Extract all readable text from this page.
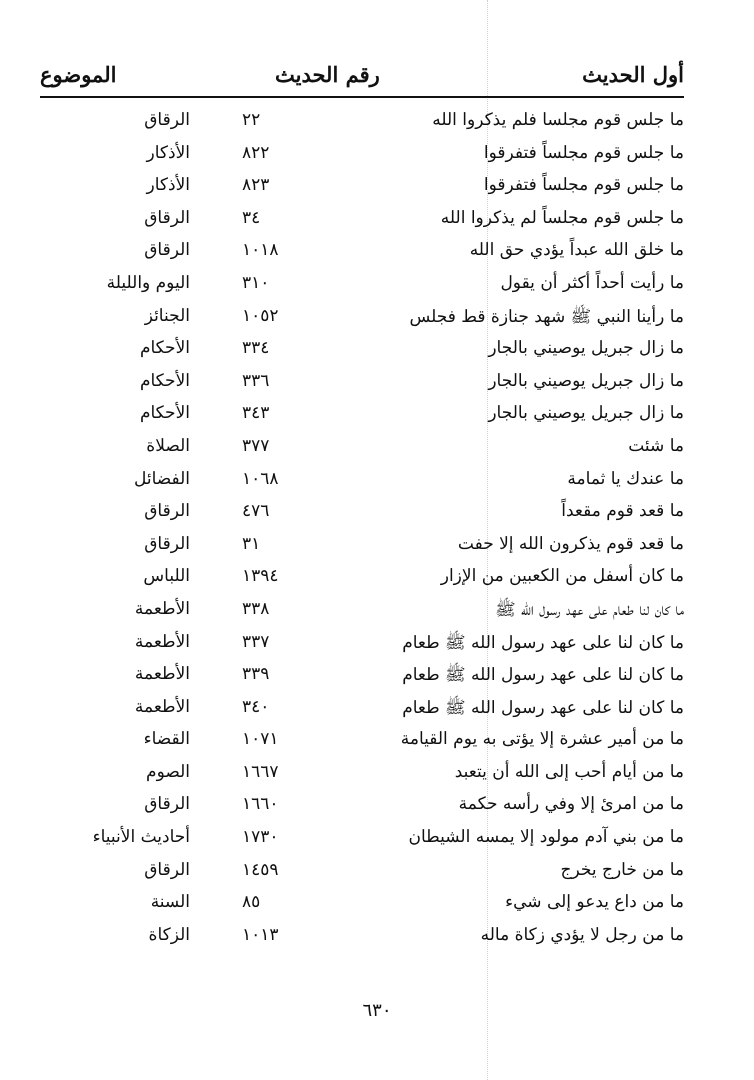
أول الحديث
رقم الحديث
الموضوع
ما جلس قوم مجلسا فلم يذكروا الله
٢٢
الرقاق
ما جلس قوم مجلساً فتفرقوا
٨٢٢
الأذكار
ما جلس قوم مجلساً فتفرقوا
٨٢٣
الأذكار
ما جلس قوم مجلساً لم يذكروا الله
٣٤
الرقاق
ما خلق الله عبداً يؤدي حق الله
١٠١٨
الرقاق
ما رأيت أحداً أكثر أن يقول
٣١٠
اليوم والليلة
ما رأينا النبي ﷺ شهد جنازة قط فجلس
١٠٥٢
الجنائز
ما زال جبريل يوصيني بالجار
٣٣٤
الأحكام
ما زال جبريل يوصيني بالجار
٣٣٦
الأحكام
ما زال جبريل يوصيني بالجار
٣٤٣
الأحكام
ما شئت
٣٧٧
الصلاة
ما عندك يا ثمامة
١٠٦٨
الفضائل
ما قعد قوم مقعداً
٤٧٦
الرقاق
ما قعد قوم يذكرون الله إلا حفت
٣١
الرقاق
ما كان أسفل من الكعبين من الإزار
١٣٩٤
اللباس
ما كان لنا طعام على عهد رسول الله ﷺ
٣٣٨
الأطعمة
ما كان لنا على عهد رسول الله ﷺ طعام
٣٣٧
الأطعمة
ما كان لنا على عهد رسول الله ﷺ طعام
٣٣٩
الأطعمة
ما كان لنا على عهد رسول الله ﷺ طعام
٣٤٠
الأطعمة
ما من أمير عشرة إلا يؤتى به يوم القيامة
١٠٧١
القضاء
ما من أيام أحب إلى الله أن يتعبد
١٦٦٧
الصوم
ما من امرئ إلا وفي رأسه حكمة
١٦٦٠
الرقاق
ما من بني آدم مولود إلا يمسه الشيطان
١٧٣٠
أحاديث الأنبياء
ما من خارج يخرج
١٤٥٩
الرقاق
ما من داع يدعو إلى شيء
٨٥
السنة
ما من رجل لا يؤدي زكاة ماله
١٠١٣
الزكاة
٦٣٠
